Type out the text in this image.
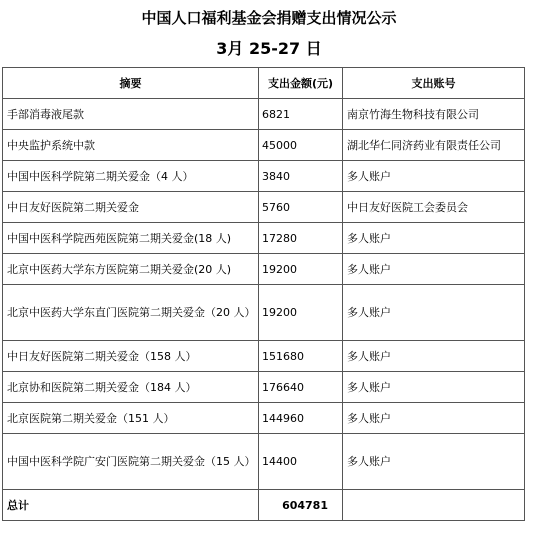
中国人口福利基金会捐赠支出情况公示
3月 25-27 日
摘要	支出金额(元)	支出账号
手部消毒液尾款	6821	南京竹海生物科技有限公司
中央监护系统中款	45000	湖北华仁同济药业有限责任公司
中国中医科学院第二期关爱金（4 人）	3840	多人账户
中日友好医院第二期关爱金	5760	中日友好医院工会委员会
中国中医科学院西苑医院第二期关爱金(18 人)	17280	多人账户
北京中医药大学东方医院第二期关爱金(20 人)	19200	多人账户
北京中医药大学东直门医院第二期关爱金（20 人）	19200	多人账户
中日友好医院第二期关爱金（158 人）	151680	多人账户
北京协和医院第二期关爱金（184 人）	176640	多人账户
北京医院第二期关爱金（151 人）	144960	多人账户
中国中医科学院广安门医院第二期关爱金（15 人）	14400	多人账户
总计	604781	
